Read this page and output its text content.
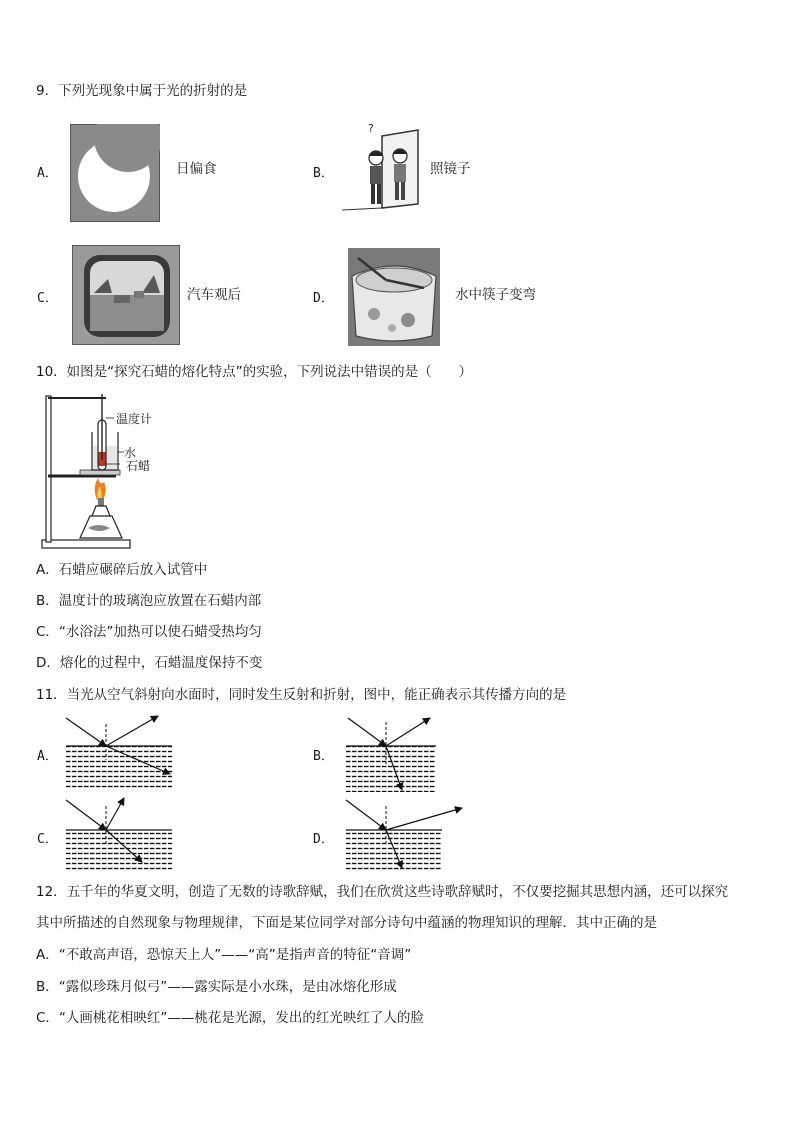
9．下列光现象中属于光的折射的是
A．	日偏食	B．
?
照镜子
C．	汽车观后	D．	水中筷子变弯
10．如图是“探究石蜡的熔化特点”的实验，下列说法中错误的是（　　）
温度计
水
石蜡
A．石蜡应碾碎后放入试管中
B．温度计的玻璃泡应放置在石蜡内部
C．“水浴法”加热可以使石蜡受热均匀
D．熔化的过程中，石蜡温度保持不变
11．当光从空气斜射向水面时，同时发生反射和折射，图中，能正确表示其传播方向的是
A．	B．
C．	D．
12．五千年的华夏文明，创造了无数的诗歌辞赋，我们在欣赏这些诗歌辞赋时，不仅要挖掘其思想内涵，还可以探究
其中所描述的自然现象与物理规律，下面是某位同学对部分诗句中蕴涵的物理知识的理解．其中正确的是
A．“不敢高声语，恐惊天上人”——“高”是指声音的特征“音调”
B．“露似珍珠月似弓”——露实际是小水珠，是由冰熔化形成
C．“人画桃花相映红”——桃花是光源，发出的红光映红了人的脸
